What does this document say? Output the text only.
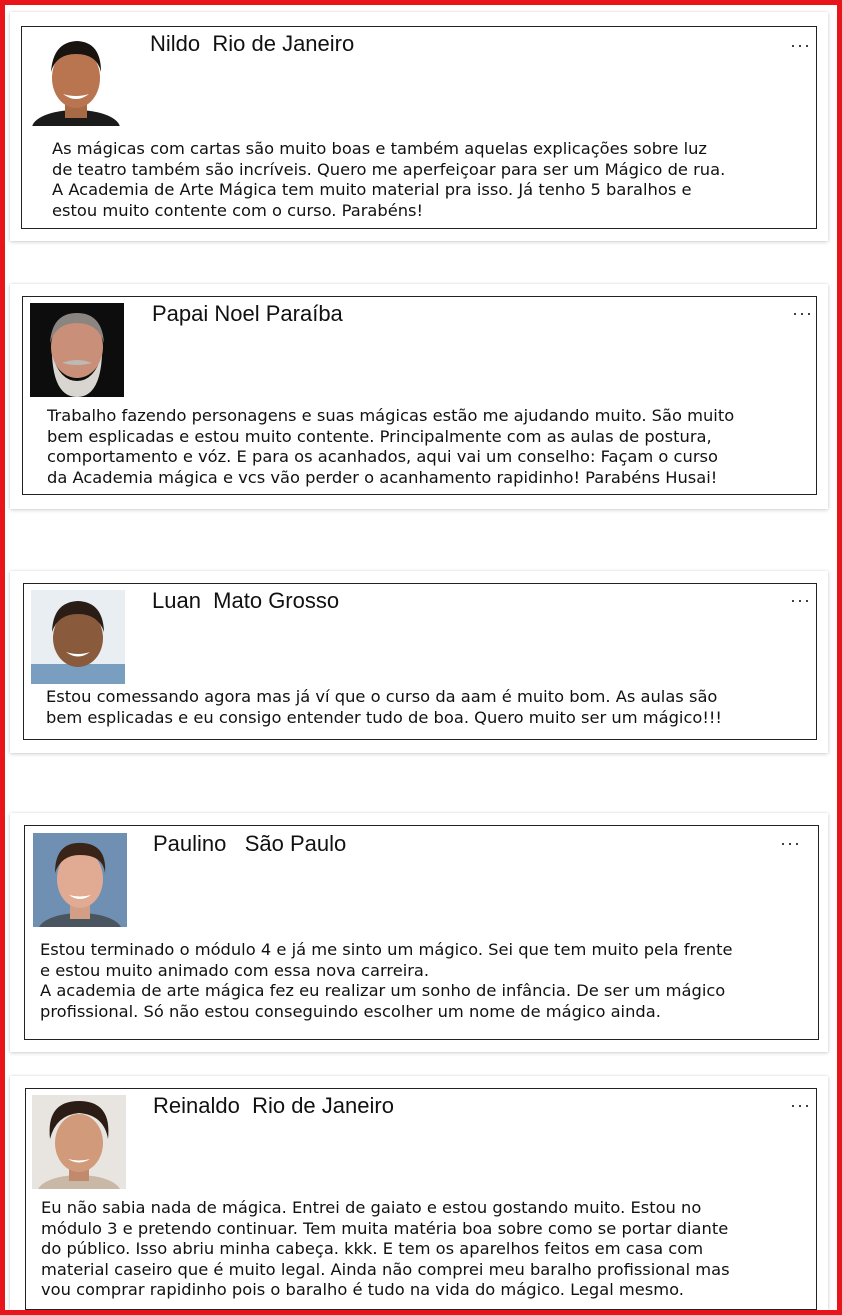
Nildo  Rio de Janeiro	···
As mágicas com cartas são muito boas e também aquelas explicações sobre luz
de teatro também são incríveis. Quero me aperfeiçoar para ser um Mágico de rua.
A Academia de Arte Mágica tem muito material pra isso. Já tenho 5 baralhos e
estou muito contente com o curso. Parabéns!
Papai Noel Paraíba	···
Trabalho fazendo personagens e suas mágicas estão me ajudando muito. São muito
bem esplicadas e estou muito contente. Principalmente com as aulas de postura,
comportamento e vóz. E para os acanhados, aqui vai um conselho: Façam o curso
da Academia mágica e vcs vão perder o acanhamento rapidinho! Parabéns Husai!
Luan  Mato Grosso	···
Estou comessando agora mas já ví que o curso da aam é muito bom. As aulas são
bem esplicadas e eu consigo entender tudo de boa. Quero muito ser um mágico!!!
Paulino   São Paulo	···
Estou terminado o módulo 4 e já me sinto um mágico. Sei que tem muito pela frente
e estou muito animado com essa nova carreira.
A academia de arte mágica fez eu realizar um sonho de infância. De ser um mágico
profissional. Só não estou conseguindo escolher um nome de mágico ainda.
Reinaldo  Rio de Janeiro	···
Eu não sabia nada de mágica. Entrei de gaiato e estou gostando muito. Estou no
módulo 3 e pretendo continuar. Tem muita matéria boa sobre como se portar diante
do público. Isso abriu minha cabeça. kkk. E tem os aparelhos feitos em casa com
material caseiro que é muito legal. Ainda não comprei meu baralho profissional mas
vou comprar rapidinho pois o baralho é tudo na vida do mágico. Legal mesmo.
